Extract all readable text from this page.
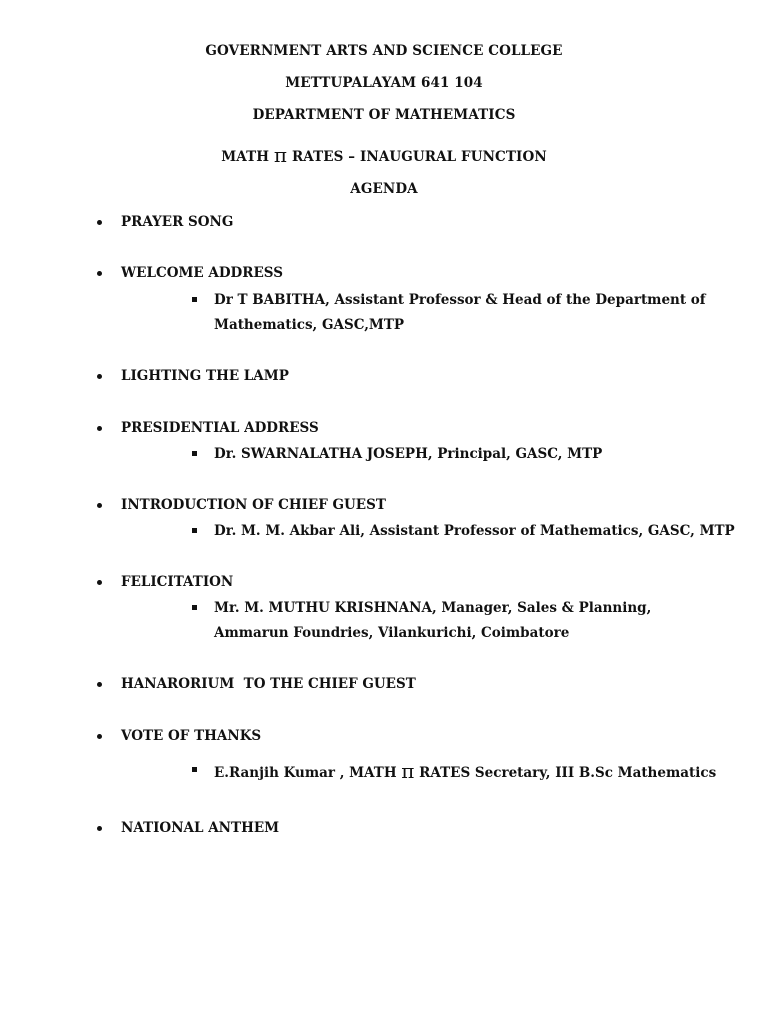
GOVERNMENT ARTS AND SCIENCE COLLEGE
METTUPALAYAM 641 104
DEPARTMENT OF MATHEMATICS
MATH π RATES – INAUGURAL FUNCTION
AGENDA
PRAYER SONG
WELCOME ADDRESS
Dr T BABITHA, Assistant Professor & Head of the Department of
Mathematics, GASC,MTP
LIGHTING THE LAMP
PRESIDENTIAL ADDRESS
Dr. SWARNALATHA JOSEPH, Principal, GASC, MTP
INTRODUCTION OF CHIEF GUEST
Dr. M. M. Akbar Ali, Assistant Professor of Mathematics, GASC, MTP
FELICITATION
Mr. M. MUTHU KRISHNANA, Manager, Sales & Planning,
Ammarun Foundries, Vilankurichi, Coimbatore
HANARORIUM  TO THE CHIEF GUEST
VOTE OF THANKS
E.Ranjih Kumar , MATH π RATES Secretary, III B.Sc Mathematics
NATIONAL ANTHEM
